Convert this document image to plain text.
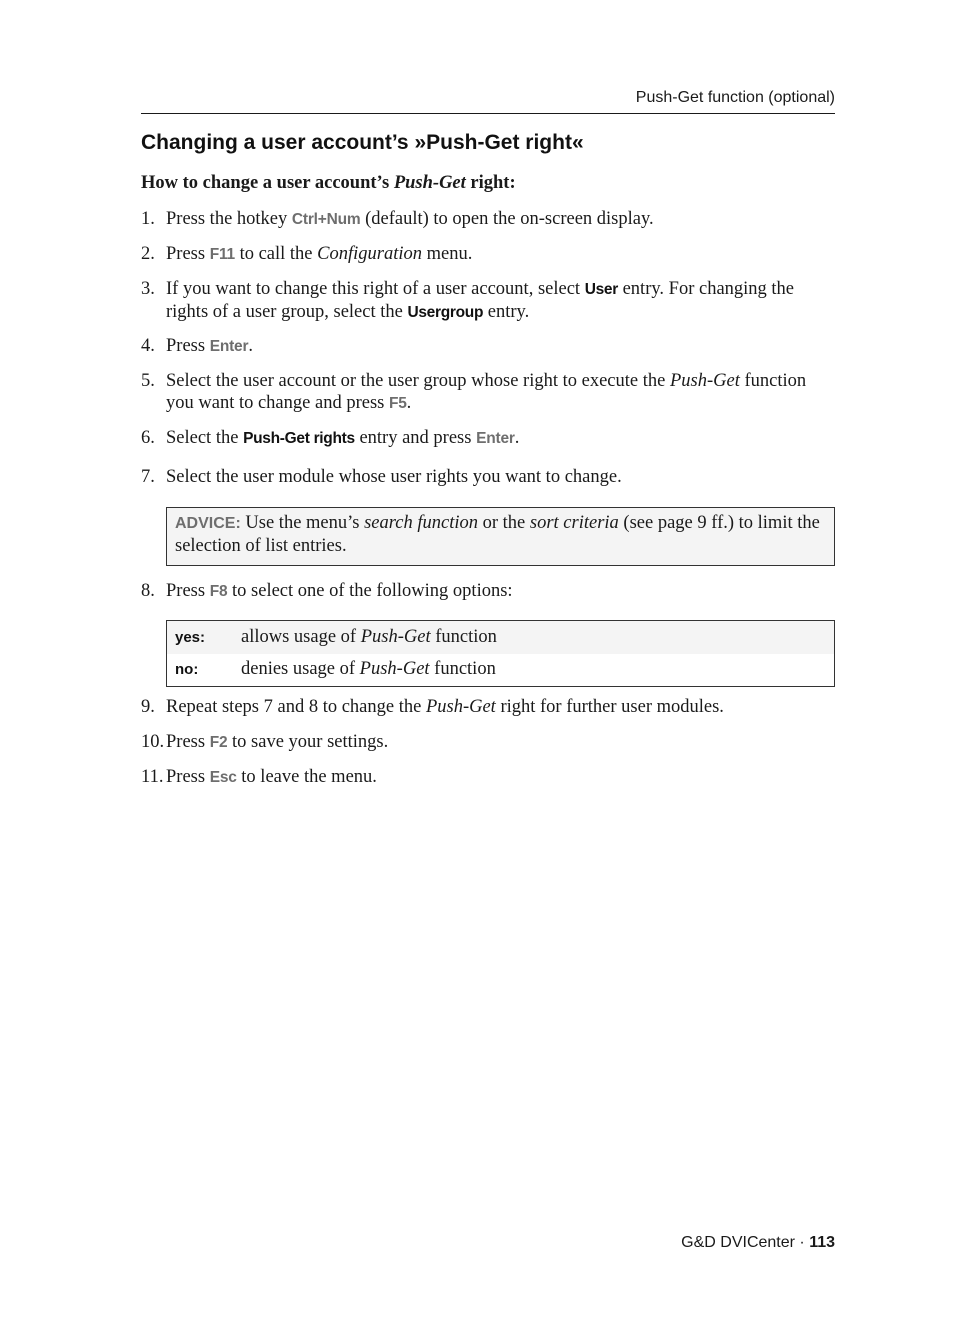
Push-Get function (optional)
Changing a user account’s »Push-Get right«
How to change a user account’s Push-Get right:
1. Press the hotkey Ctrl+Num (default) to open the on-screen display.
2. Press F11 to call the Configuration menu.
3. If you want to change this right of a user account, select User entry. For changing the rights of a user group, select the Usergroup entry.
4. Press Enter.
5. Select the user account or the user group whose right to execute the Push-Get function you want to change and press F5.
6. Select the Push-Get rights entry and press Enter.
7. Select the user module whose user rights you want to change.
ADVICE: Use the menu’s search function or the sort criteria (see page 9 ff.) to limit the selection of list entries.
8. Press F8 to select one of the following options:
yes:	allows usage of Push-Get function
no:	denies usage of Push-Get function
9. Repeat steps 7 and 8 to change the Push-Get right for further user modules.
10. Press F2 to save your settings.
11. Press Esc to leave the menu.
G&D DVICenter · 113
